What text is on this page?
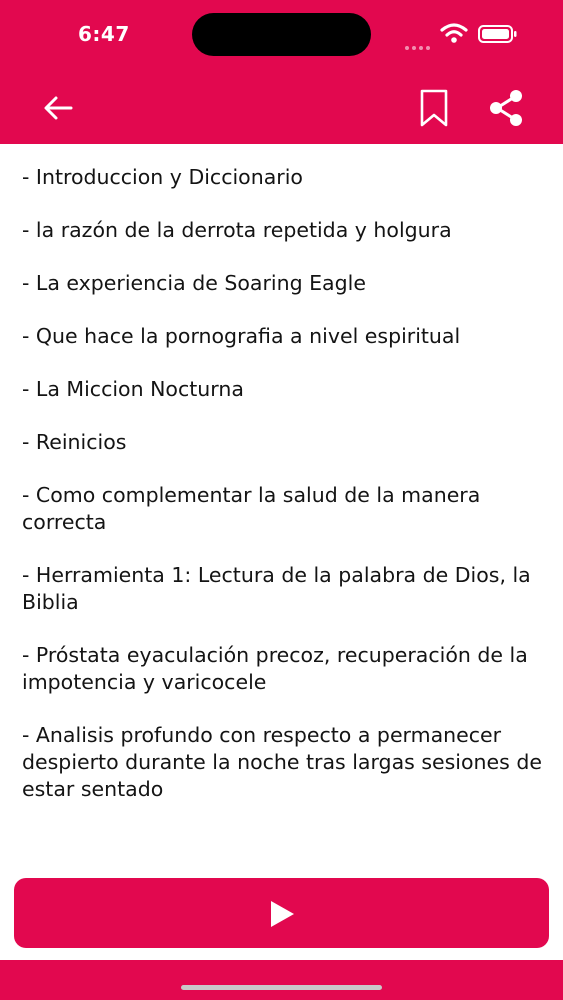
6:47

- Introduccion y Diccionario

- la razón de la derrota repetida y holgura

- La experiencia de Soaring Eagle

- Que hace la pornografia a nivel espiritual

- La Miccion Nocturna

- Reinicios

- Como complementar la salud de la manera correcta

- Herramienta 1: Lectura de la palabra de Dios, la Biblia

- Próstata eyaculación precoz, recuperación de la impotencia y varicocele

- Analisis profundo con respecto a permanecer despierto durante la noche tras largas sesiones de estar sentado
